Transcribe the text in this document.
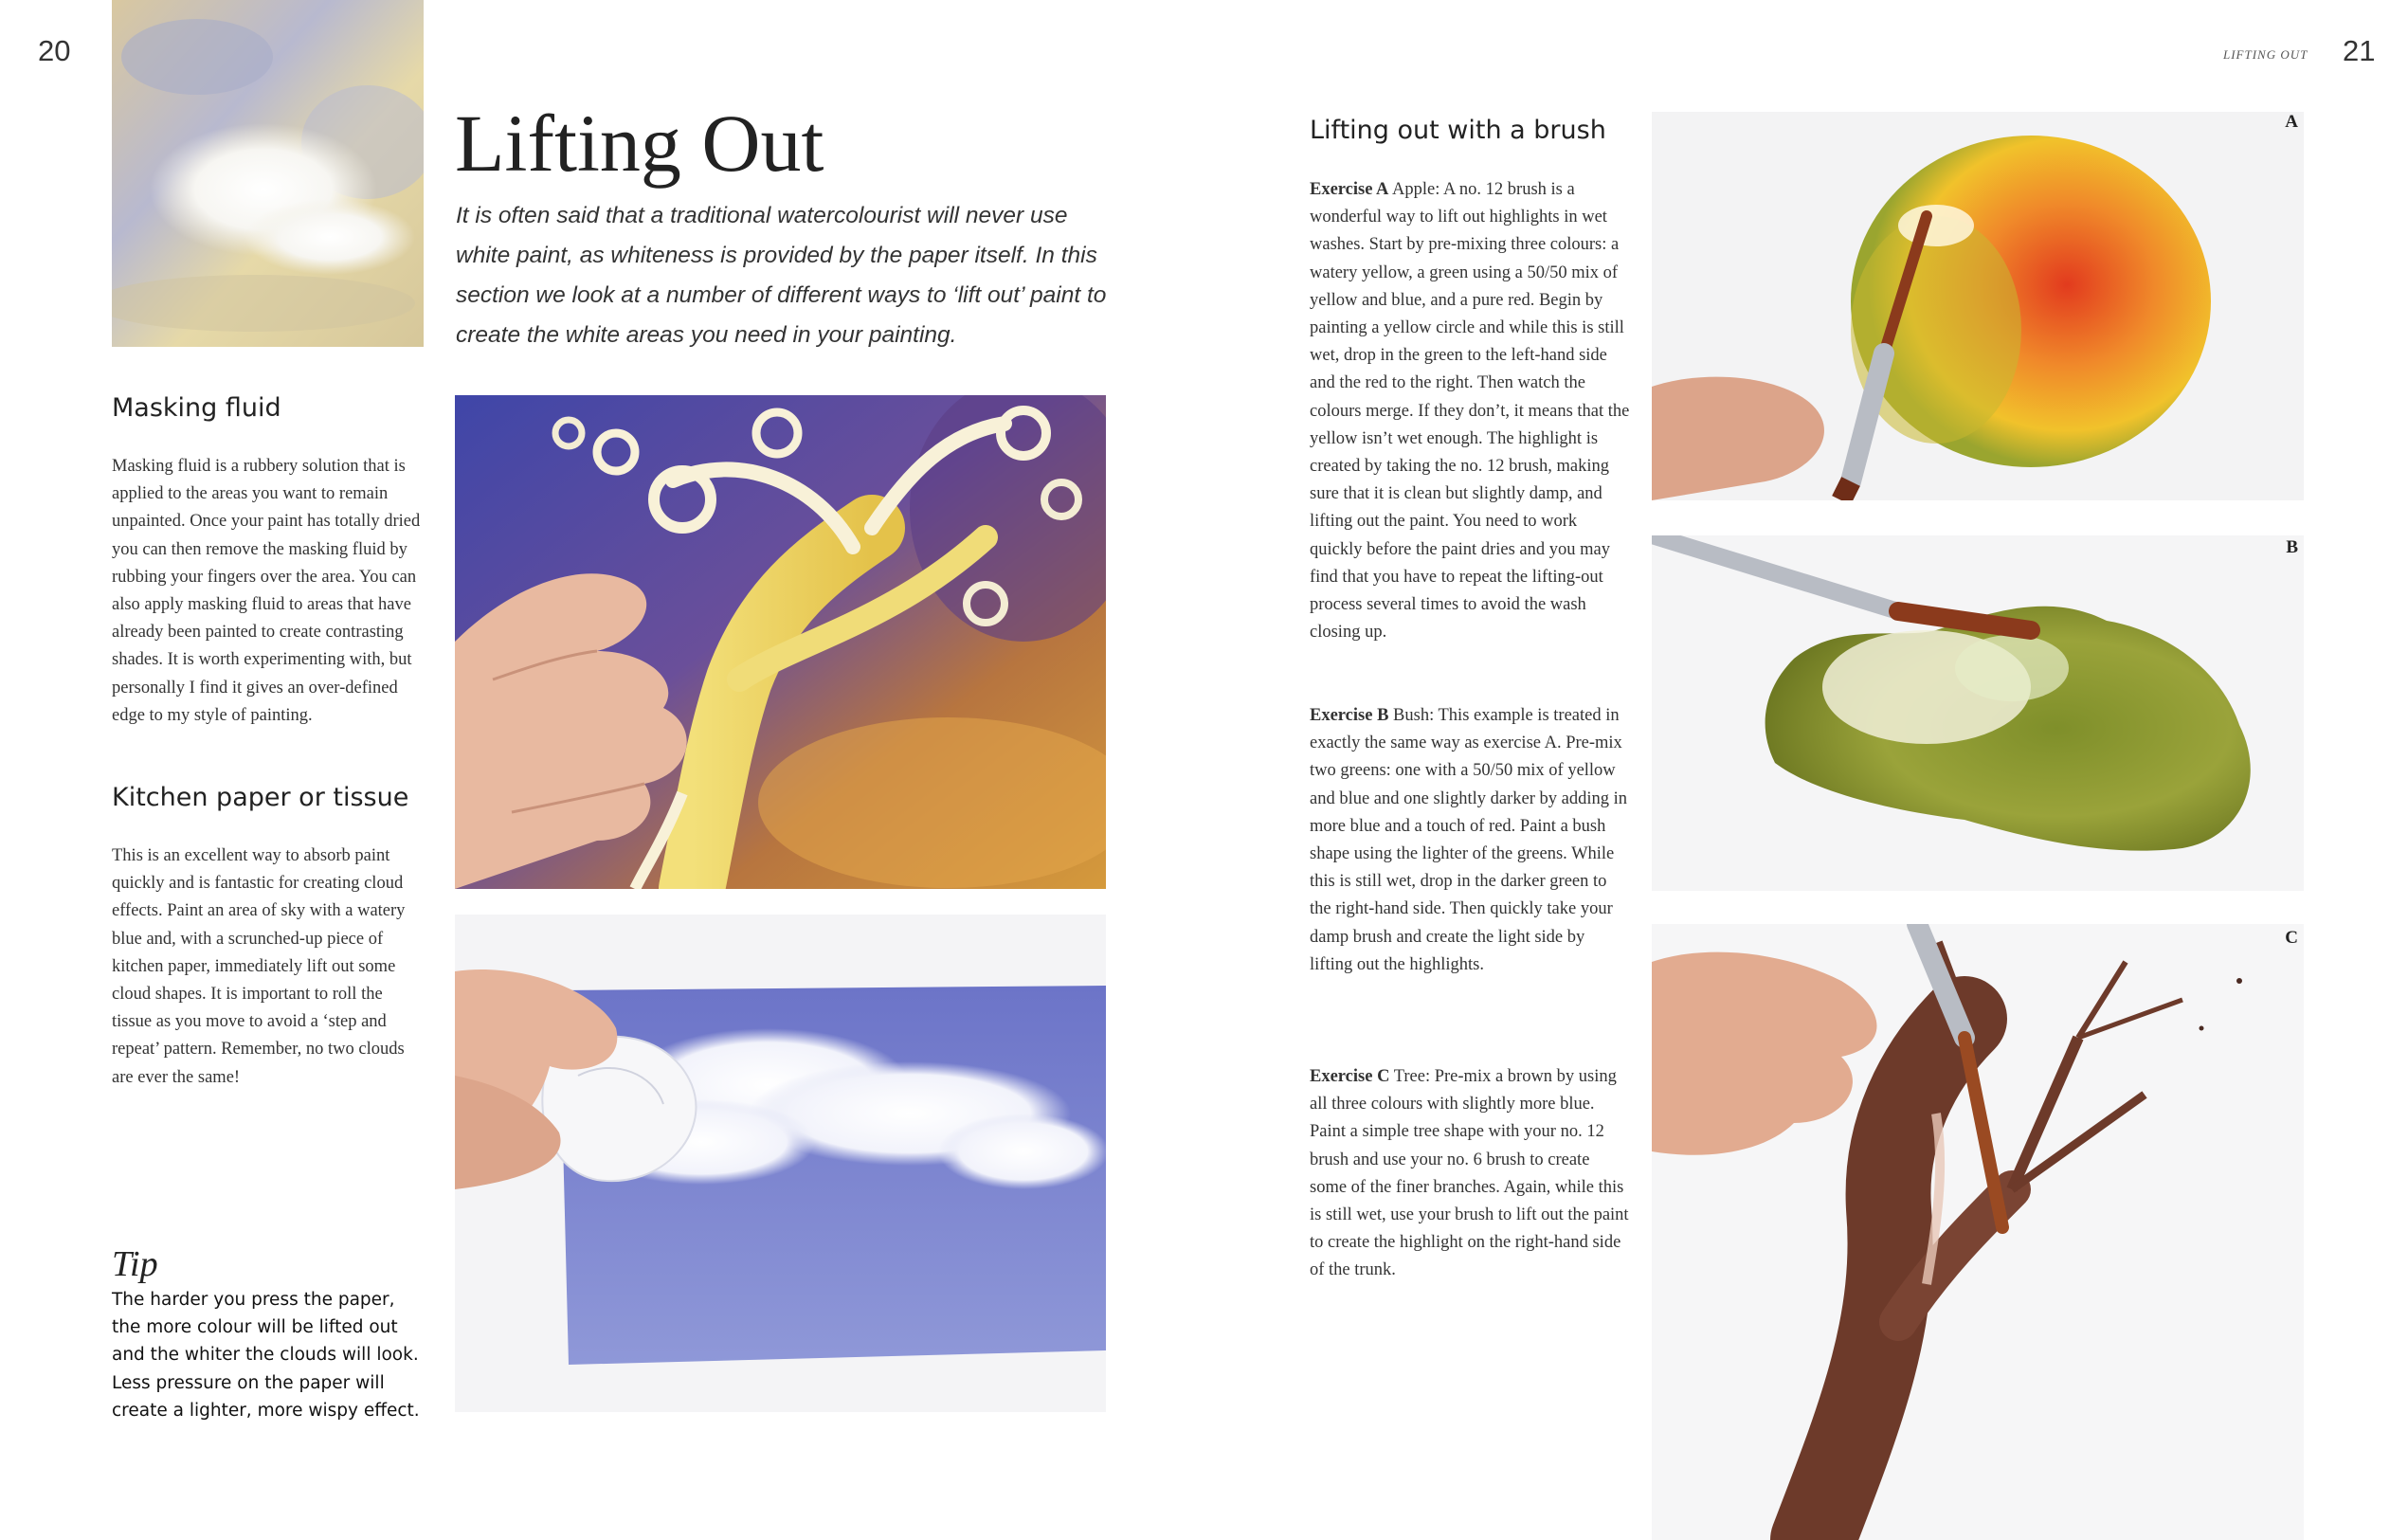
20
Lifting Out

It is often said that a traditional watercolourist will never use white paint, as whiteness is provided by the paper itself. In this section we look at a number of different ways to ‘lift out’ paint to create the white areas you need in your painting.

Masking fluid

Masking fluid is a rubbery solution that is applied to the areas you want to remain unpainted. Once your paint has totally dried you can then remove the masking fluid by rubbing your fingers over the area. You can also apply masking fluid to areas that have already been painted to create contrasting shades. It is worth experimenting with, but personally I find it gives an over-defined edge to my style of painting.

Kitchen paper or tissue

This is an excellent way to absorb paint quickly and is fantastic for creating cloud effects. Paint an area of sky with a watery blue and, with a scrunched-up piece of kitchen paper, immediately lift out some cloud shapes. It is important to roll the tissue as you move to avoid a ‘step and repeat’ pattern. Remember, no two clouds are ever the same!

Tip

The harder you press the paper, the more colour will be lifted out and the whiter the clouds will look. Less pressure on the paper will create a lighter, more wispy effect.

LIFTING OUT 21
Lifting out with a brush

Exercise A Apple: A no. 12 brush is a wonderful way to lift out highlights in wet washes. Start by pre-mixing three colours: a watery yellow, a green using a 50/50 mix of yellow and blue, and a pure red. Begin by painting a yellow circle and while this is still wet, drop in the green to the left-hand side and the red to the right. Then watch the colours merge. If they don’t, it means that the yellow isn’t wet enough. The highlight is created by taking the no. 12 brush, making sure that it is clean but slightly damp, and lifting out the paint. You need to work quickly before the paint dries and you may find that you have to repeat the lifting-out process several times to avoid the wash closing up.

Exercise B Bush: This example is treated in exactly the same way as exercise A. Pre-mix two greens: one with a 50/50 mix of yellow and blue and one slightly darker by adding in more blue and a touch of red. Paint a bush shape using the lighter of the greens. While this is still wet, drop in the darker green to the right-hand side. Then quickly take your damp brush and create the light side by lifting out the highlights.

Exercise C Tree: Pre-mix a brown by using all three colours with slightly more blue. Paint a simple tree shape with your no. 12 brush and use your no. 6 brush to create some of the finer branches. Again, while this is still wet, use your brush to lift out the paint to create the highlight on the right-hand side of the trunk.

A
B
C
